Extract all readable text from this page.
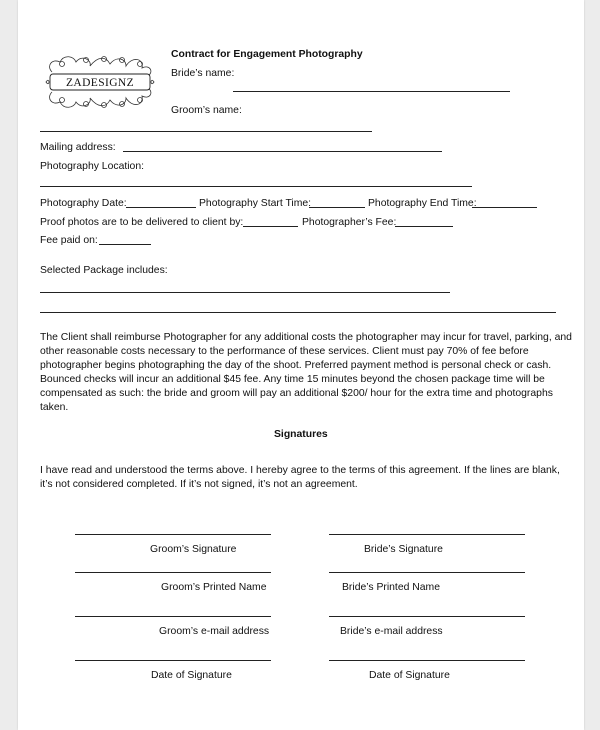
ZADESIGNZ
Contract for Engagement Photography
Bride’s name:
Groom’s name:
Mailing address:
Photography Location:
Photography Date:	Photography Start Time:	Photography End Time:
Proof photos are to be delivered to client by:	Photographer’s Fee:
Fee paid on:
Selected Package includes:
The Client shall reimburse Photographer for any additional costs the photographer may incur for travel, parking, and
other reasonable costs necessary to the performance of these services. Client must pay 70% of fee before
photographer begins photographing the day of the shoot. Preferred payment method is personal check or cash.
Bounced checks will incur an additional $45 fee. Any time 15 minutes beyond the chosen package time will be
compensated as such: the bride and groom will pay an additional $200/ hour for the extra time and photographs
taken.
Signatures
I have read and understood the terms above. I hereby agree to the terms of this agreement. If the lines are blank,
it’s not considered completed. If it’s not signed, it’s not an agreement.
Groom’s Signature	Bride’s Signature
Groom’s Printed Name	Bride’s Printed Name
Groom’s e-mail address	Bride’s e-mail address
Date of Signature	Date of Signature
